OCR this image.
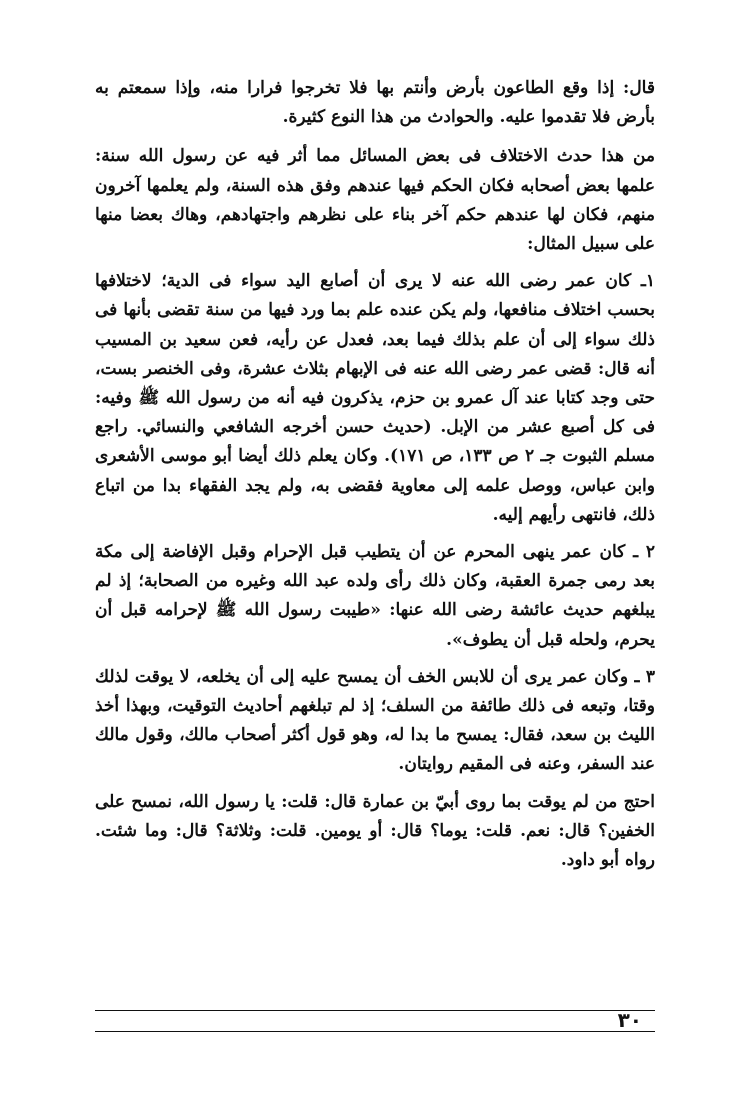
قال: إذا وقع الطاعون بأرض وأنتم بها فلا تخرجوا فرارا منه، وإذا سمعتم به بأرض فلا تقدموا عليه. والحوادث من هذا النوع كثيرة.

من هذا حدث الاختلاف فى بعض المسائل مما أثر فيه عن رسول الله سنة: علمها بعض أصحابه فكان الحكم فيها عندهم وفق هذه السنة، ولم يعلمها آخرون منهم، فكان لها عندهم حكم آخر بناء على نظرهم واجتهادهم، وهاك بعضا منها على سبيل المثال:

١ـ كان عمر رضى الله عنه لا يرى أن أصابع اليد سواء فى الدية؛ لاختلافها بحسب اختلاف منافعها، ولم يكن عنده علم بما ورد فيها من سنة تقضى بأنها فى ذلك سواء إلى أن علم بذلك فيما بعد، فعدل عن رأيه، فعن سعيد بن المسيب أنه قال: قضى عمر رضى الله عنه فى الإبهام بثلاث عشرة، وفى الخنصر بست، حتى وجد كتابا عند آل عمرو بن حزم، يذكرون فيه أنه من رسول الله ﷺ وفيه: فى كل أصبع عشر من الإبل. (حديث حسن أخرجه الشافعي والنسائي. راجع مسلم الثبوت جـ ٢ ص ١٣٣، ص ١٧١). وكان يعلم ذلك أيضا أبو موسى الأشعرى وابن عباس، ووصل علمه إلى معاوية فقضى به، ولم يجد الفقهاء بدا من اتباع ذلك، فانتهى رأيهم إليه.

٢ ـ كان عمر ينهى المحرم عن أن يتطيب قبل الإحرام وقبل الإفاضة إلى مكة بعد رمى جمرة العقبة، وكان ذلك رأى ولده عبد الله وغيره من الصحابة؛ إذ لم يبلغهم حديث عائشة رضى الله عنها: «طيبت رسول الله ﷺ لإحرامه قبل أن يحرم، ولحله قبل أن يطوف».

٣ ـ وكان عمر يرى أن للابس الخف أن يمسح عليه إلى أن يخلعه، لا يوقت لذلك وقتا، وتبعه فى ذلك طائفة من السلف؛ إذ لم تبلغهم أحاديث التوقيت، وبهذا أخذ الليث بن سعد، فقال: يمسح ما بدا له، وهو قول أكثر أصحاب مالك، وقول مالك عند السفر، وعنه فى المقيم روايتان.

احتج من لم يوقت بما روى أبيّ بن عمارة قال: قلت: يا رسول الله، نمسح على الخفين؟ قال: نعم. قلت: يوما؟ قال: أو يومين. قلت: وثلاثة؟ قال: وما شئت. رواه أبو داود.

٣٠
